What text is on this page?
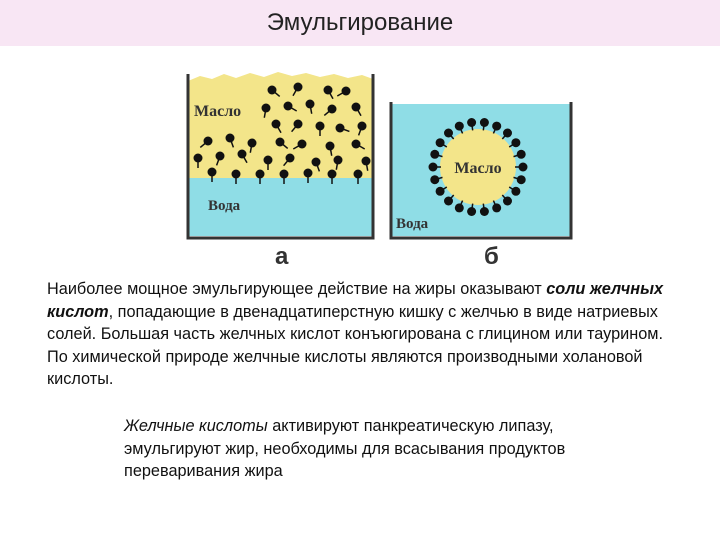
Эмульгирование
Масло
Вода
а
Масло
Вода
б

Наиболее мощное эмульгирующее действие на жиры оказывают соли желчных кислот, попадающие в двенадцатиперстную кишку с желчью в виде натриевых солей. Большая часть желчных кислот конъюгирована с глицином или таурином. По химической природе желчные кислоты являются производными холановой кислоты.

Желчные кислоты активируют панкреатическую липазу, эмульгируют жир, необходимы для всасывания продуктов переваривания жира
